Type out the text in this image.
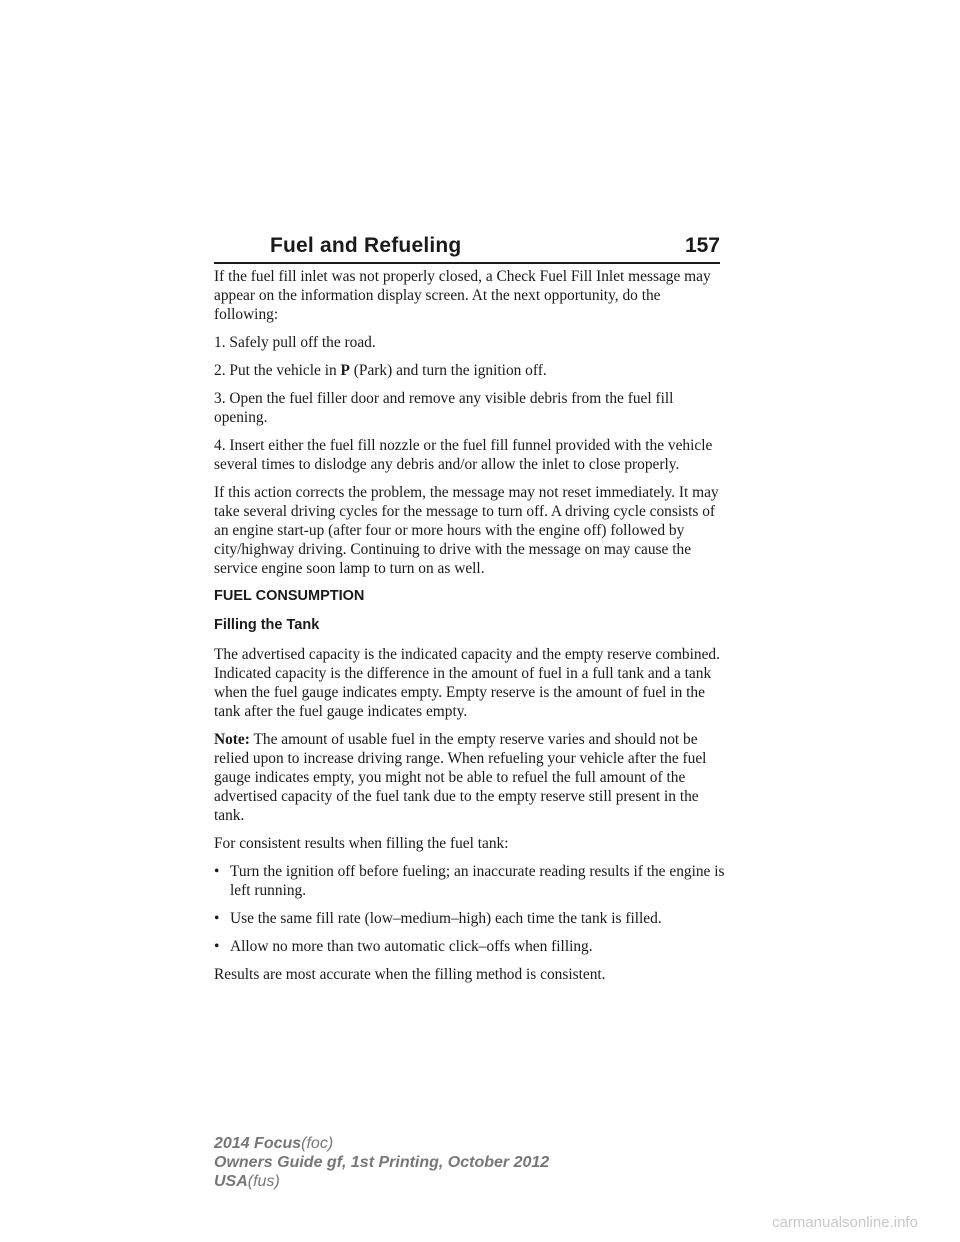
Fuel and Refueling	157

If the fuel fill inlet was not properly closed, a Check Fuel Fill Inlet message may appear on the information display screen. At the next opportunity, do the following:

1. Safely pull off the road.

2. Put the vehicle in P (Park) and turn the ignition off.

3. Open the fuel filler door and remove any visible debris from the fuel fill opening.

4. Insert either the fuel fill nozzle or the fuel fill funnel provided with the vehicle several times to dislodge any debris and/or allow the inlet to close properly.

If this action corrects the problem, the message may not reset immediately. It may take several driving cycles for the message to turn off. A driving cycle consists of an engine start-up (after four or more hours with the engine off) followed by city/highway driving. Continuing to drive with the message on may cause the service engine soon lamp to turn on as well.

FUEL CONSUMPTION
Filling the Tank

The advertised capacity is the indicated capacity and the empty reserve combined. Indicated capacity is the difference in the amount of fuel in a full tank and a tank when the fuel gauge indicates empty. Empty reserve is the amount of fuel in the tank after the fuel gauge indicates empty.

Note: The amount of usable fuel in the empty reserve varies and should not be relied upon to increase driving range. When refueling your vehicle after the fuel gauge indicates empty, you might not be able to refuel the full amount of the advertised capacity of the fuel tank due to the empty reserve still present in the tank.

For consistent results when filling the fuel tank:

• Turn the ignition off before fueling; an inaccurate reading results if the engine is left running.
• Use the same fill rate (low–medium–high) each time the tank is filled.
• Allow no more than two automatic click–offs when filling.

Results are most accurate when the filling method is consistent.

2014 Focus(foc)
Owners Guide gf, 1st Printing, October 2012
USA(fus)
carmanualsonline.info
